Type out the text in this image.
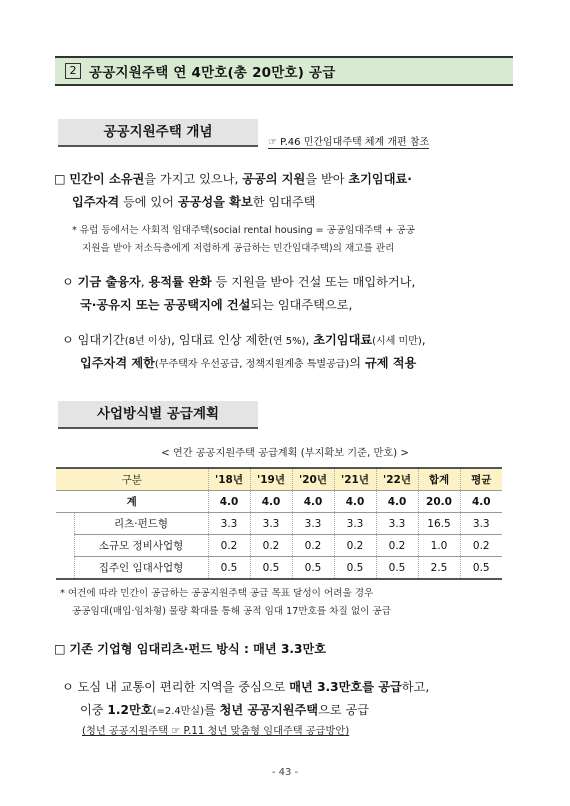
2 공공지원주택 연 4만호(총 20만호) 공급
공공지원주택 개념
☞ P.46 민간임대주택 체계 개편 참조
□ 민간이 소유권을 가지고 있으나, 공공의 지원을 받아 초기임대료·
입주자격 등에 있어 공공성을 확보한 임대주택
* 유럽 등에서는 사회적 임대주택(social rental housing = 공공임대주택 + 공공
지원을 받아 저소득층에게 저렴하게 공급하는 민간임대주택)의 재고를 관리
ㅇ 기금 출융자, 용적률 완화 등 지원을 받아 건설 또는 매입하거나,
국·공유지 또는 공공택지에 건설되는 임대주택으로,
ㅇ 임대기간(8년 이상), 임대료 인상 제한(연 5%), 초기임대료(시세 미만),
입주자격 제한(무주택자 우선공급, 정책지원계층 특별공급)의 규제 적용
사업방식별 공급계획
< 연간 공공지원주택 공급계획 (부지확보 기준, 만호) >
구분		'18년	'19년	'20년	'21년	'22년	합계	평균
계		4.0	4.0	4.0	4.0	4.0	20.0	4.0
	리츠·펀드형	3.3	3.3	3.3	3.3	3.3	16.5	3.3
	소규모 정비사업형	0.2	0.2	0.2	0.2	0.2	1.0	0.2
	집주인 임대사업형	0.5	0.5	0.5	0.5	0.5	2.5	0.5
* 여건에 따라 민간이 공급하는 공공지원주택 공급 목표 달성이 어려울 경우
공공임대(매입·임차형) 물량 확대를 통해 공적 임대 17만호를 차질 없이 공급
□ 기존 기업형 임대리츠·펀드 방식 : 매년 3.3만호
ㅇ 도심 내 교통이 편리한 지역을 중심으로 매년 3.3만호를 공급하고,
이중 1.2만호(=2.4만실)를 청년 공공지원주택으로 공급
(청년 공공지원주택 ☞ P.11 청년 맞춤형 임대주택 공급방안)
- 43 -
